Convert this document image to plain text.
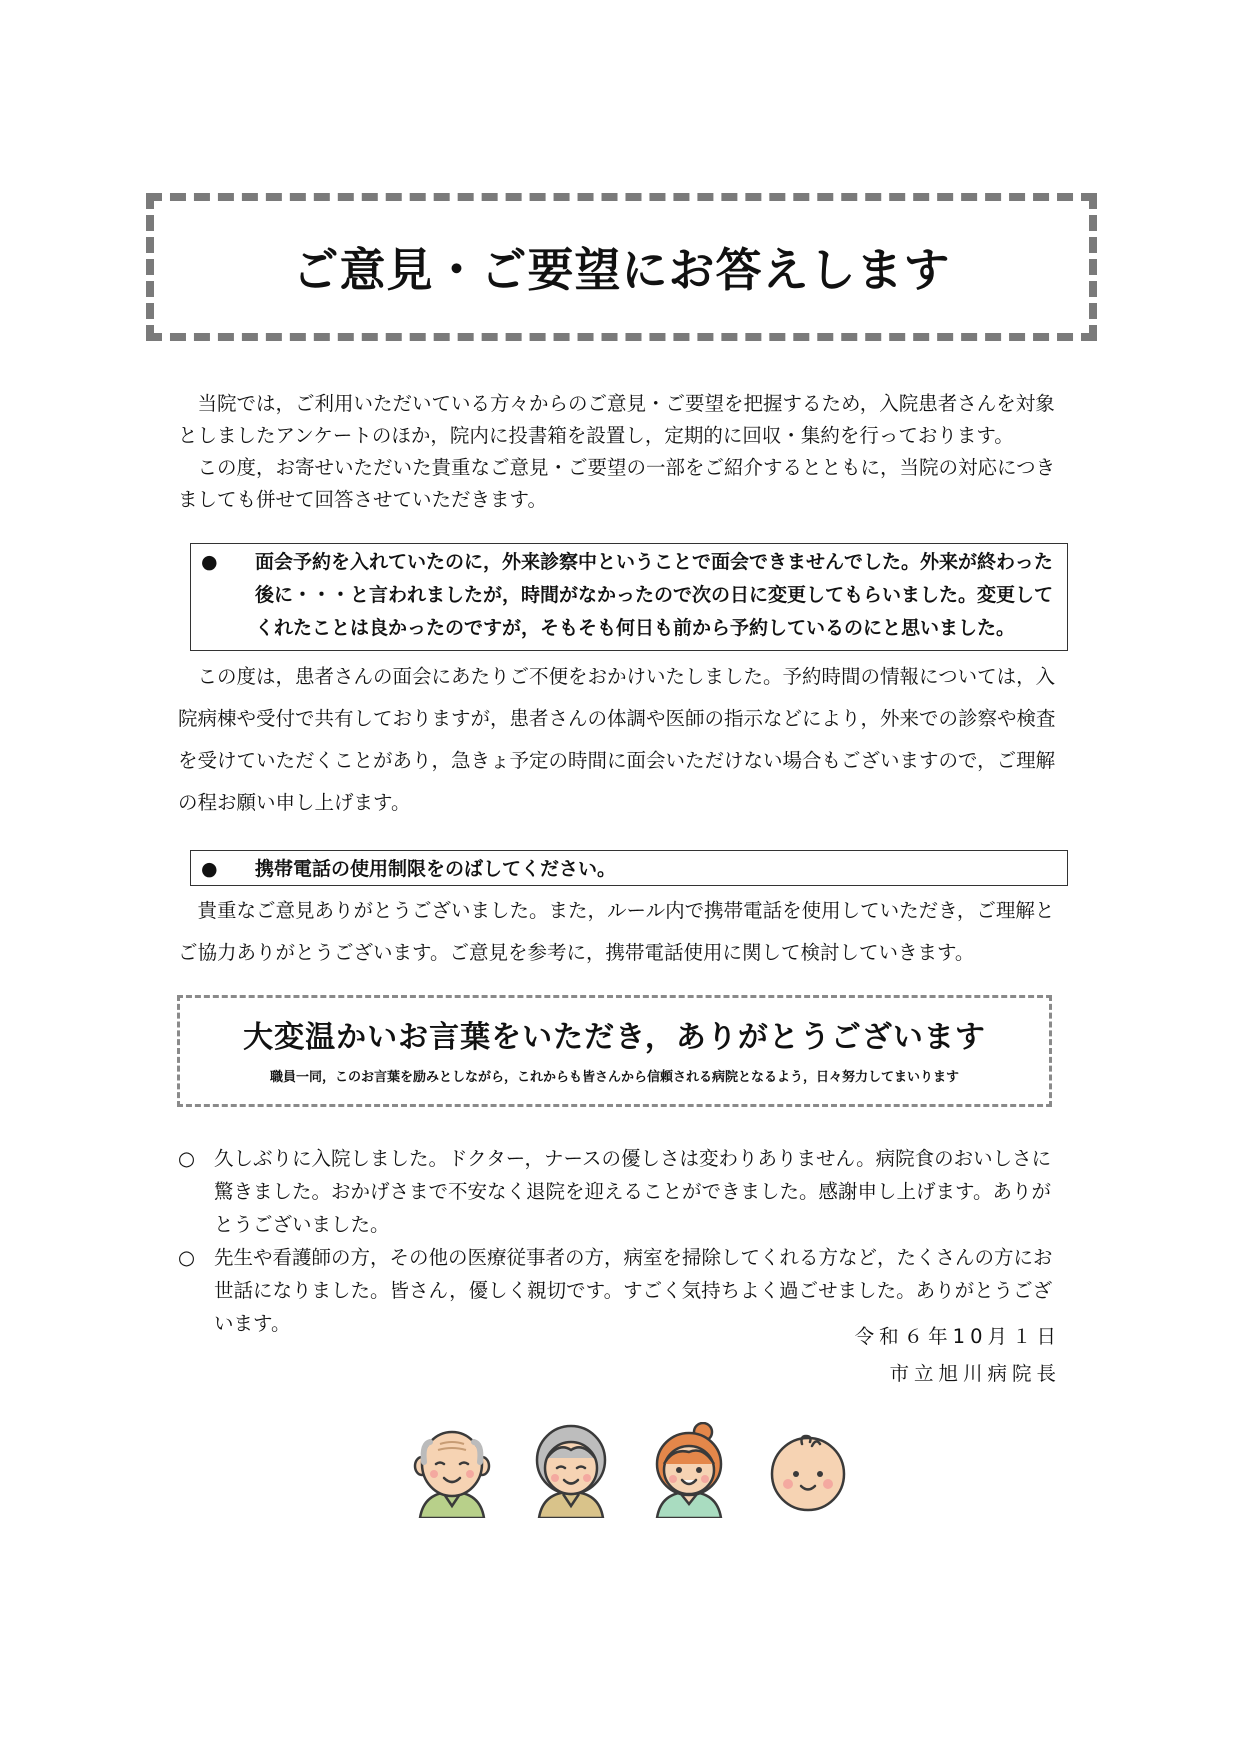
ご意見・ご要望にお答えします

当院では，ご利用いただいている方々からのご意見・ご要望を把握するため，入院患者さんを対象としましたアンケートのほか，院内に投書箱を設置し，定期的に回収・集約を行っております。

この度，お寄せいただいた貴重なご意見・ご要望の一部をご紹介するとともに，当院の対応につきましても併せて回答させていただきます。

● 面会予約を入れていたのに，外来診察中ということで面会できませんでした。外来が終わった後に・・・と言われましたが，時間がなかったので次の日に変更してもらいました。変更してくれたことは良かったのですが，そもそも何日も前から予約しているのにと思いました。

この度は，患者さんの面会にあたりご不便をおかけいたしました。予約時間の情報については，入院病棟や受付で共有しておりますが，患者さんの体調や医師の指示などにより，外来での診察や検査を受けていただくことがあり，急きょ予定の時間に面会いただけない場合もございますので，ご理解の程お願い申し上げます。

● 携帯電話の使用制限をのばしてください。

貴重なご意見ありがとうございました。また，ルール内で携帯電話を使用していただき，ご理解とご協力ありがとうございます。ご意見を参考に，携帯電話使用に関して検討していきます。

大変温かいお言葉をいただき，ありがとうございます
職員一同，このお言葉を励みとしながら，これからも皆さんから信頼される病院となるよう，日々努力してまいります
○ 久しぶりに入院しました。ドクター，ナースの優しさは変わりありません。病院食のおいしさに驚きました。おかげさまで不安なく退院を迎えることができました。感謝申し上げます。ありがとうございました。
○ 先生や看護師の方，その他の医療従事者の方，病室を掃除してくれる方など，たくさんの方にお世話になりました。皆さん，優しく親切です。すごく気持ちよく過ごせました。ありがとうございます。
令和６年10月１日
市立旭川病院長
